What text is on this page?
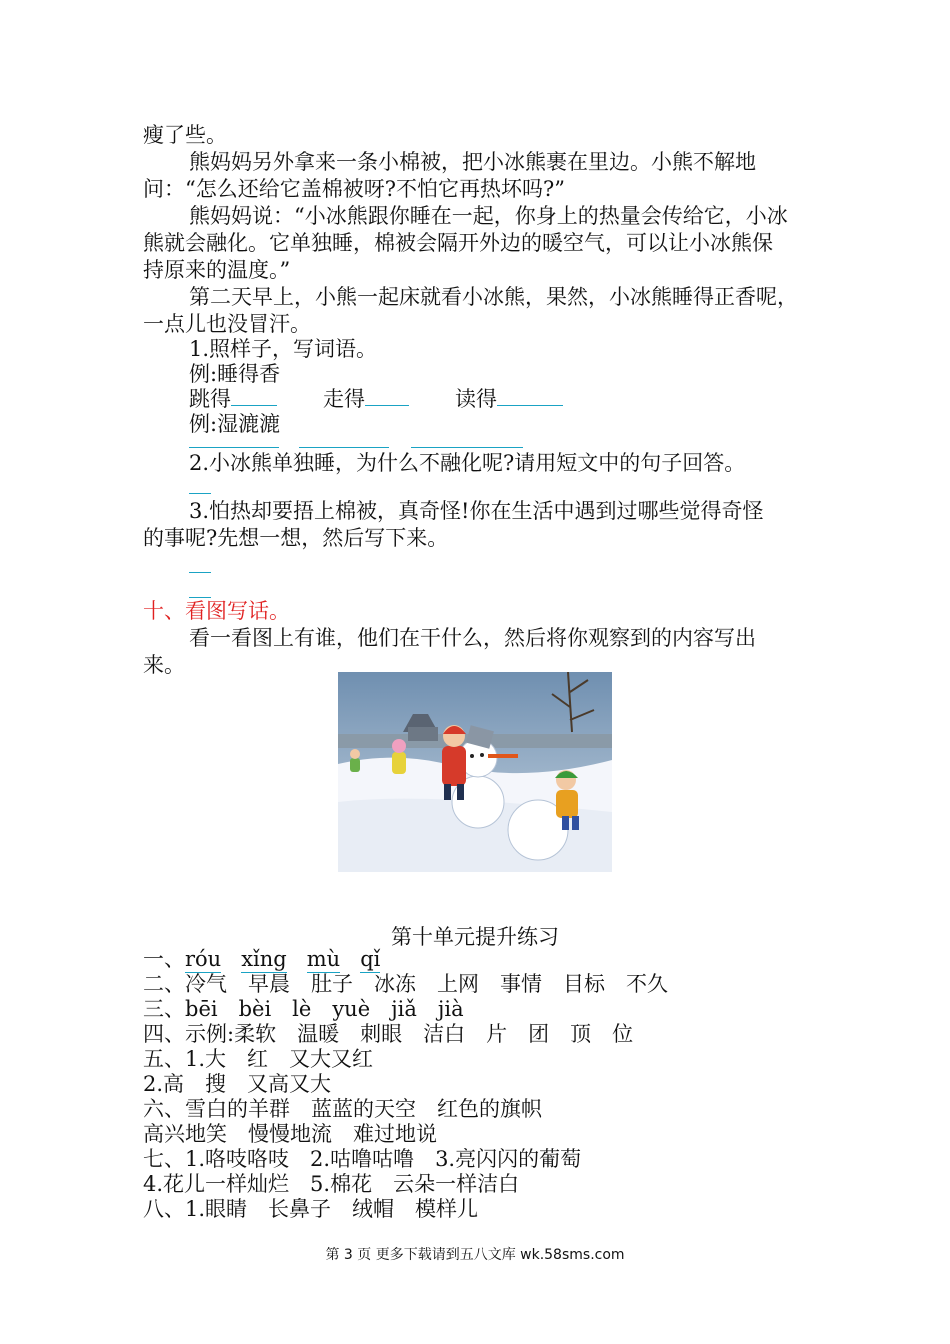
瘦了些。
熊妈妈另外拿来一条小棉被，把小冰熊裹在里边。小熊不解地
问：“怎么还给它盖棉被呀?不怕它再热坏吗?”
熊妈妈说：“小冰熊跟你睡在一起，你身上的热量会传给它，小冰
熊就会融化。它单独睡，棉被会隔开外边的暖空气，可以让小冰熊保
持原来的温度。”
第二天早上，小熊一起床就看小冰熊，果然，小冰熊睡得正香呢，
一点儿也没冒汗。
1.照样子，写词语。
例:睡得香
跳得	走得	读得
例:湿漉漉
2.小冰熊单独睡，为什么不融化呢?请用短文中的句子回答。
3.怕热却要捂上棉被，真奇怪!你在生活中遇到过哪些觉得奇怪
的事呢?先想一想，然后写下来。
十、看图写话。
看一看图上有谁，他们在干什么，然后将你观察到的内容写出
来。
第十单元提升练习
一、róu xǐng mù qǐ
二、冷气　早晨　肚子　冰冻　上网　事情　目标　不久
三、bēi　bèi　lè　yuè　jiǎ　jià
四、示例:柔软　温暖　刺眼　洁白　片　团　顶　位
五、1.大　红　又大又红
2.高　搜　又高又大
六、雪白的羊群　蓝蓝的天空　红色的旗帜
高兴地笑　慢慢地流　难过地说
七、1.咯吱咯吱　2.咕噜咕噜　3.亮闪闪的葡萄
4.花儿一样灿烂　5.棉花　云朵一样洁白
八、1.眼睛　长鼻子　绒帽　模样儿
第 3 页 更多下载请到五八文库 wk.58sms.com
